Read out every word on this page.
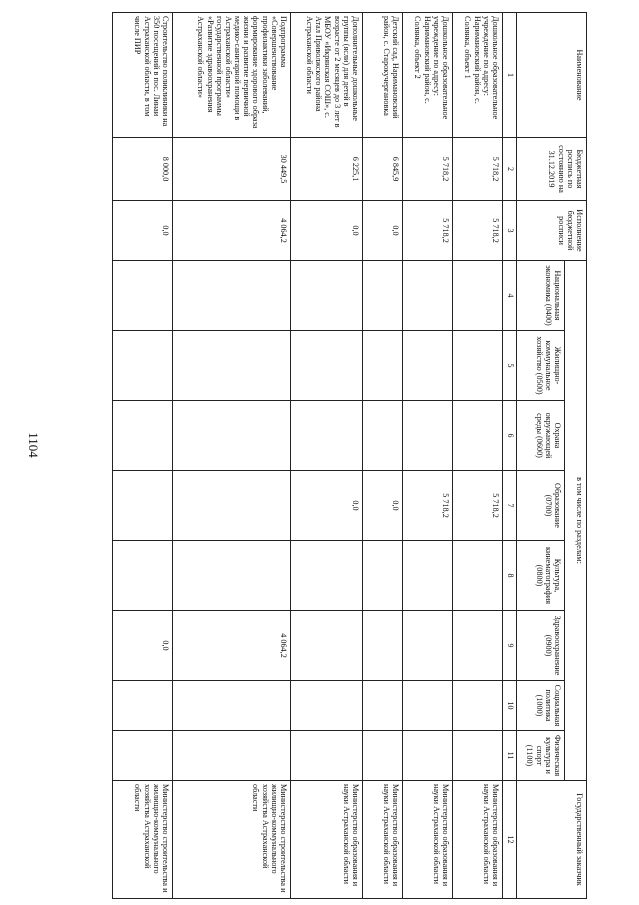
1104
Наименование	Бюджетная роспись по состоянию на 31.12.2019	Исполнение бюджетной росписи	в том числе по разделам:								Государственный заказчик
			Национальная экономика (0400)	Жилищно-коммунальное хозяйство (0500)	Охрана окружающей среды (0600)	Образование (0700)	Культура, кинематография (0800)	Здравоохранение (0900)	Социальная политика (1000)	Физическая культура и спорт (1100)	
1	2	3	4	5	6	7	8	9	10	11	12
Дошкольное образовательное учреждение по адресу: Наримановский район, с. Солянка, объект 1	5 718,2	5 718,2				5 718,2					Министерство образования и науки Астраханской области
Дошкольное образовательное учреждение по адресу: Наримановский район, с. Солянка, объект 2	5 718,2	5 718,2				5 718,2					Министерство образования и науки Астраханской области
Детский сад, Наримановский район, с. Старокучергановка	6 845,9	0,0				0,0					Министерство образования и науки Астраханской области
Дополнительные дошкольные группы (ясли) для детей в возрасте от 2 месяцев до 3 лет в МБОУ «Икрянская СОШ», с. Атал Приволжского района Астраханской области	6 225,1	0,0				0,0					Министерство образования и науки Астраханской области
Подпрограмма «Совершенствование профилактики заболеваний, формирование здорового образа жизни и развитие первичной медико-санитарной помощи в Астраханской области» государственной программы «Развитие здравоохранения Астраханской области»	30 449,5	4 064,2						4 064,2			Министерство строительства и жилищно-коммунального хозяйства Астраханской области
Строительство поликлиники на 350 посещений в пос. Линаи Астраханской области, в том числе ПИР	8 000,0	0,0						0,0			Министерство строительства и жилищно-коммунального хозяйства Астраханской области
